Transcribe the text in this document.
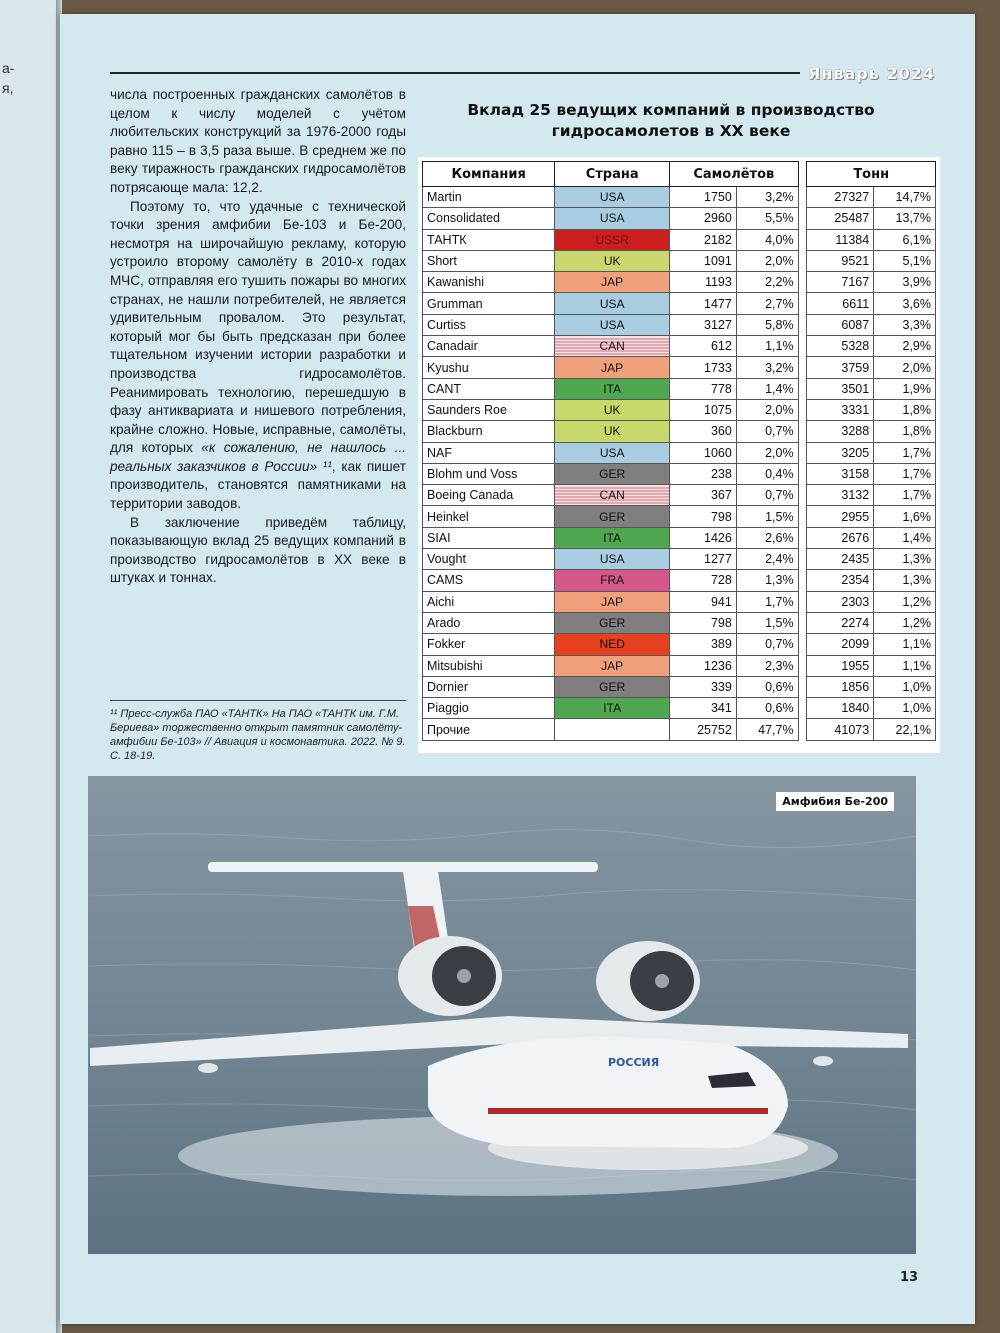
а-
я,
Январь 2024

числа построенных гражданских самолётов в целом к числу моделей с учётом любительских конструкций за 1976-2000 годы равно 115 – в 3,5 раза выше. В среднем же по веку тиражность гражданских гидросамолётов потрясающе мала: 12,2.

Поэтому то, что удачные с технической точки зрения амфибии Бе-103 и Бе-200, несмотря на широчайшую рекламу, которую устроило второму самолёту в 2010-х годах МЧС, отправляя его тушить пожары во многих странах, не нашли потребителей, не является удивительным провалом. Это результат, который мог бы быть предсказан при более тщательном изучении истории разработки и производства гидросамолётов. Реанимировать технологию, перешедшую в фазу антиквариата и нишевого потребления, крайне сложно. Новые, исправные, самолёты, для которых «к сожалению, не нашлось ... реальных заказчиков в России» ¹¹, как пишет производитель, становятся памятниками на территории заводов.

В заключение приведём таблицу, показывающую вклад 25 ведущих компаний в производство гидросамолётов в XX веке в штуках и тоннах.

¹¹ Пресс-служба ПАО «ТАНТК» На ПАО «ТАНТК им. Г.М. Бериева» торжественно открыт памятник самолёту-амфибии Бе-103» // Авиация и космонавтика. 2022. № 9. С. 18-19.
Вклад 25 ведущих компаний в производство
гидросамолетов в XX веке
Компания	Страна	Самолётов			Тонн	
Martin	USA	1750	3,2%		27327	14,7%
Consolidated	USA	2960	5,5%		25487	13,7%
ТАНТК	USSR	2182	4,0%		11384	6,1%
Short	UK	1091	2,0%		9521	5,1%
Kawanishi	JAP	1193	2,2%		7167	3,9%
Grumman	USA	1477	2,7%		6611	3,6%
Curtiss	USA	3127	5,8%		6087	3,3%
Canadair	CAN	612	1,1%		5328	2,9%
Kyushu	JAP	1733	3,2%		3759	2,0%
CANT	ITA	778	1,4%		3501	1,9%
Saunders Roe	UK	1075	2,0%		3331	1,8%
Blackburn	UK	360	0,7%		3288	1,8%
NAF	USA	1060	2,0%		3205	1,7%
Blohm und Voss	GER	238	0,4%		3158	1,7%
Boeing Canada	CAN	367	0,7%		3132	1,7%
Heinkel	GER	798	1,5%		2955	1,6%
SIAI	ITA	1426	2,6%		2676	1,4%
Vought	USA	1277	2,4%		2435	1,3%
CAMS	FRA	728	1,3%		2354	1,3%
Aichi	JAP	941	1,7%		2303	1,2%
Arado	GER	798	1,5%		2274	1,2%
Fokker	NED	389	0,7%		2099	1,1%
Mitsubishi	JAP	1236	2,3%		1955	1,1%
Dornier	GER	339	0,6%		1856	1,0%
Piaggio	ITA	341	0,6%		1840	1,0%
Прочие		25752	47,7%		41073	22,1%
РОССИЯ
Амфибия Бе-200
13
